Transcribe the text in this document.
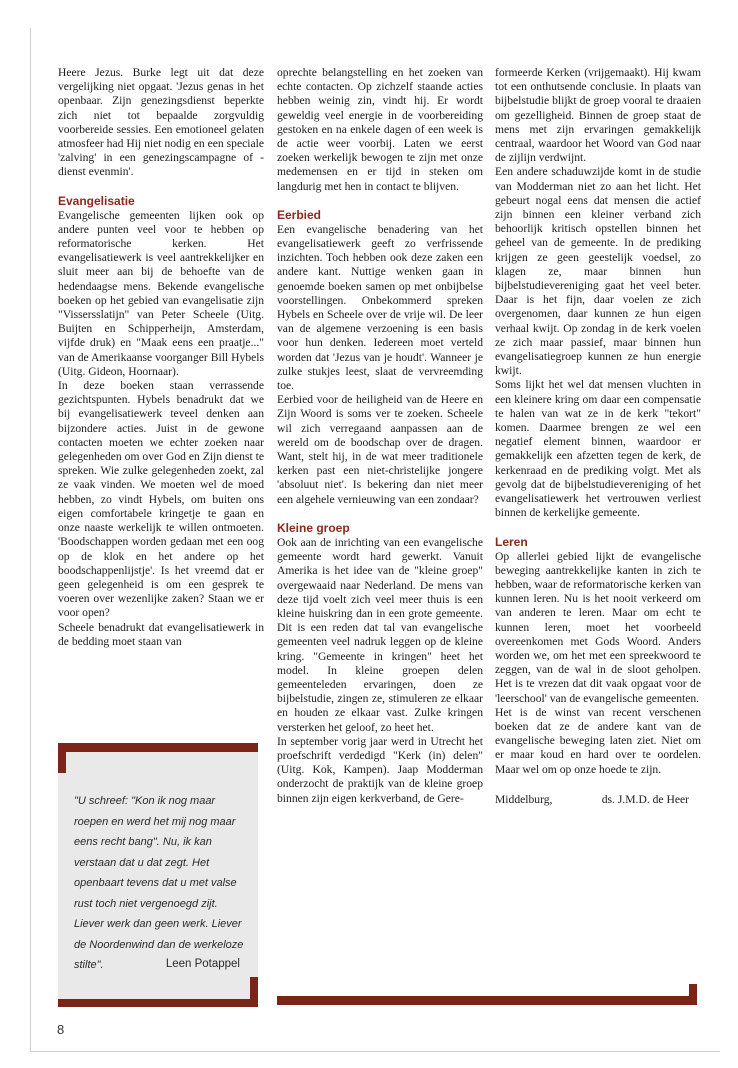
Heere Jezus. Burke legt uit dat deze vergelijking niet opgaat. 'Jezus genas in het openbaar. Zijn genezingsdienst beperkte zich niet tot bepaalde zorgvuldig voorbereide sessies. Een emotioneel gelaten atmosfeer had Hij niet nodig en een speciale 'zalving' in een genezingscampagne of - dienst evenmin'.

Evangelisatie

Evangelische gemeenten lijken ook op andere punten veel voor te hebben op reformatorische kerken. Het evangelisatiewerk is veel aantrekkelijker en sluit meer aan bij de behoefte van de hedendaagse mens. Bekende evangelische boeken op het gebied van evangelisatie zijn "Vissersslatijn" van Peter Scheele (Uitg. Buijten en Schipperheijn, Amsterdam, vijfde druk) en "Maak eens een praatje..." van de Amerikaanse voorganger Bill Hybels (Uitg. Gideon, Hoornaar).

In deze boeken staan verrassende gezichtspunten. Hybels benadrukt dat we bij evangelisatiewerk teveel denken aan bijzondere acties. Juist in de gewone contacten moeten we echter zoeken naar gelegenheden om over God en Zijn dienst te spreken. Wie zulke gelegenheden zoekt, zal ze vaak vinden. We moeten wel de moed hebben, zo vindt Hybels, om buiten ons eigen comfortabele kringetje te gaan en onze naaste werkelijk te willen ontmoeten. 'Boodschappen worden gedaan met een oog op de klok en het andere op het boodschappenlijstje'. Is het vreemd dat er geen gelegenheid is om een gesprek te voeren over wezenlijke zaken? Staan we er voor open?

Scheele benadrukt dat evangelisatiewerk in de bedding moet staan van

oprechte belangstelling en het zoeken van echte contacten. Op zichzelf staande acties hebben weinig zin, vindt hij. Er wordt geweldig veel energie in de voorbereiding gestoken en na enkele dagen of een week is de actie weer voorbij. Laten we eerst zoeken werkelijk bewogen te zijn met onze medemensen en er tijd in steken om langdurig met hen in contact te blijven.

Eerbied

Een evangelische benadering van het evangelisatiewerk geeft zo verfrissende inzichten. Toch hebben ook deze zaken een andere kant. Nuttige wenken gaan in genoemde boeken samen op met onbijbelse voorstellingen. Onbekommerd spreken Hybels en Scheele over de vrije wil. De leer van de algemene verzoening is een basis voor hun denken. Iedereen moet verteld worden dat 'Jezus van je houdt'. Wanneer je zulke stukjes leest, slaat de vervreemding toe.

Eerbied voor de heiligheid van de Heere en Zijn Woord is soms ver te zoeken. Scheele wil zich verregaand aanpassen aan de wereld om de boodschap over de dragen. Want, stelt hij, in de wat meer traditionele kerken past een niet-christelijke jongere 'absoluut niet'. Is bekering dan niet meer een algehele vernieuwing van een zondaar?

Kleine groep

Ook aan de inrichting van een evangelische gemeente wordt hard gewerkt. Vanuit Amerika is het idee van de "kleine groep" overgewaaid naar Nederland. De mens van deze tijd voelt zich veel meer thuis is een kleine huiskring dan in een grote gemeente. Dit is een reden dat tal van evangelische gemeenten veel nadruk leggen op de kleine kring. "Gemeente in kringen" heet het model. In kleine groepen delen gemeenteleden ervaringen, doen ze bijbelstudie, zingen ze, stimuleren ze elkaar en houden ze elkaar vast. Zulke kringen versterken het geloof, zo heet het.

In september vorig jaar werd in Utrecht het proefschrift verdedigd "Kerk (in) delen" (Uitg. Kok, Kampen). Jaap Modderman onderzocht de praktijk van de kleine groep binnen zijn eigen kerkverband, de Gere-

formeerde Kerken (vrijgemaakt). Hij kwam tot een onthutsende conclusie. In plaats van bijbelstudie blijkt de groep vooral te draaien om gezelligheid. Binnen de groep staat de mens met zijn ervaringen gemakkelijk centraal, waardoor het Woord van God naar de zijlijn verdwijnt.

Een andere schaduwzijde komt in de studie van Modderman niet zo aan het licht. Het gebeurt nogal eens dat mensen die actief zijn binnen een kleiner verband zich behoorlijk kritisch opstellen binnen het geheel van de gemeente. In de prediking krijgen ze geen geestelijk voedsel, zo klagen ze, maar binnen hun bijbelstudievereniging gaat het veel beter. Daar is het fijn, daar voelen ze zich overgenomen, daar kunnen ze hun eigen verhaal kwijt. Op zondag in de kerk voelen ze zich maar passief, maar binnen hun evangelisatiegroep kunnen ze hun energie kwijt.

Soms lijkt het wel dat mensen vluchten in een kleinere kring om daar een compensatie te halen van wat ze in de kerk "tekort" komen. Daarmee brengen ze wel een negatief element binnen, waardoor er gemakkelijk een afzetten tegen de kerk, de kerkenraad en de prediking volgt. Met als gevolg dat de bijbelstudievereniging of het evangelisatiewerk het vertrouwen verliest binnen de kerkelijke gemeente.

Leren

Op allerlei gebied lijkt de evangelische beweging aantrekkelijke kanten in zich te hebben, waar de reformatorische kerken van kunnen leren. Nu is het nooit verkeerd om van anderen te leren. Maar om echt te kunnen leren, moet het voorbeeld overeenkomen met Gods Woord. Anders worden we, om het met een spreekwoord te zeggen, van de wal in de sloot geholpen. Het is te vrezen dat dit vaak opgaat voor de 'leerschool' van de evangelische gemeenten.

Het is de winst van recent verschenen boeken dat ze de andere kant van de evangelische beweging laten ziet. Niet om er maar koud en hard over te oordelen. Maar wel om op onze hoede te zijn.

Middelburg,	ds. J.M.D. de Heer
"U schreef: "Kon ik nog maar roepen en werd het mij nog maar eens recht bang". Nu, ik kan verstaan dat u dat zegt. Het openbaart tevens dat u met valse rust toch niet vergenoegd zijt. Liever werk dan geen werk. Liever de Noordenwind dan de werkeloze stilte".	Leen Potappel
8
